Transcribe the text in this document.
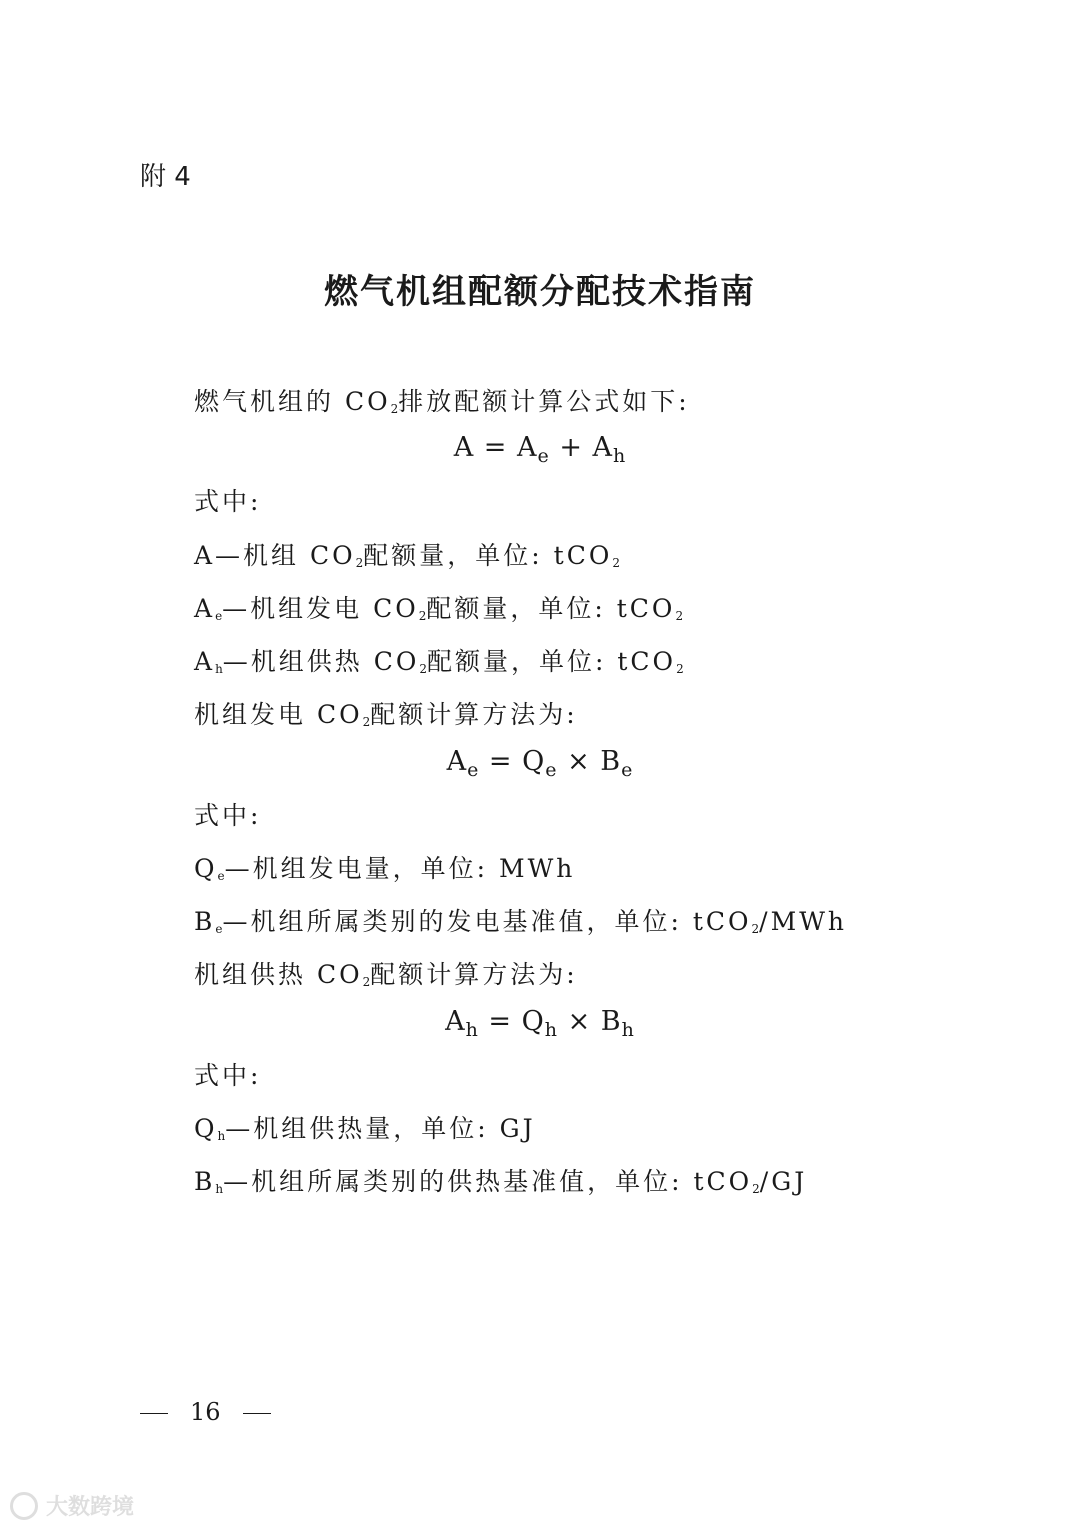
附 4
燃气机组配额分配技术指南
燃气机组的 $CO_2$排放配额计算公式如下:
$A = A_e + A_h$
式中:
A—机组 $CO_2$配额量，单位: tCO$_2$
$A_e—$机组发电 $CO_2$配额量，单位: tCO$_2$
$A_h—$机组供热 $CO_2$配额量，单位: tCO$_2$
机组发电 $CO_2$配额计算方法为:
$A_e = Q_e \times B_e$
式中:
$Q_e—$机组发电量，单位: MWh
$B_e—$机组所属类别的发电基准值，单位: tCO$_2$/MWh
机组供热 $CO_2$配额计算方法为:
$A_h = Q_h \times B_h$
式中:
$Q_h—$机组供热量，单位: GJ
$B_h—$机组所属类别的供热基准值，单位: tCO$_2$/GJ
16
大数跨境
